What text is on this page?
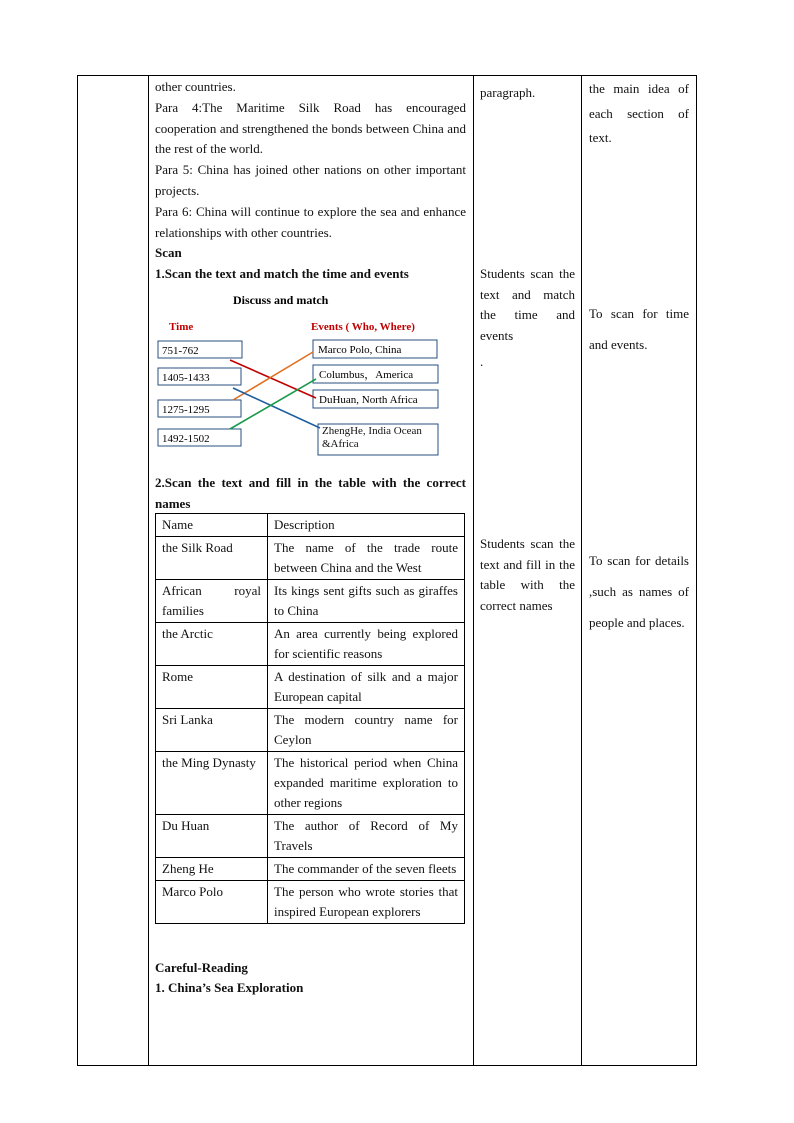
other countries.
Para 4:The Maritime Silk Road has encouraged cooperation and strengthened the bonds between China and the rest of the world.
Para 5: China has joined other nations on other important projects.
Para 6: China will continue to explore the sea and enhance relationships with other countries.
Scan
1.Scan the text and match the time and events
Discuss and match
Time	Events ( Who, Where)
751-762
1405-1433
1275-1295
1492-1502
Marco Polo, China
Columbus，America
DuHuan, North Africa
ZhengHe, India Ocean &Africa
2.Scan the text and fill in the table with the correct names
Name	Description
the Silk Road	The name of the trade route between China and the West
African royal families	Its kings sent gifts such as giraffes to China
the Arctic	An area currently being explored for scientific reasons
Rome	A destination of silk and a major European capital
Sri Lanka	The modern country name for Ceylon
the Ming Dynasty	The historical period when China expanded maritime exploration to other regions
Du Huan	The author of Record of My Travels
Zheng He	The commander of the seven fleets
Marco Polo	The person who wrote stories that inspired European explorers
Careful-Reading
1. China’s Sea Exploration
paragraph.
Students scan the text and match the time and events
.
Students scan the text and fill in the table with the correct names
the main idea of each section of text.
To scan for time and events.
To scan for details ,such as names of people and places.
